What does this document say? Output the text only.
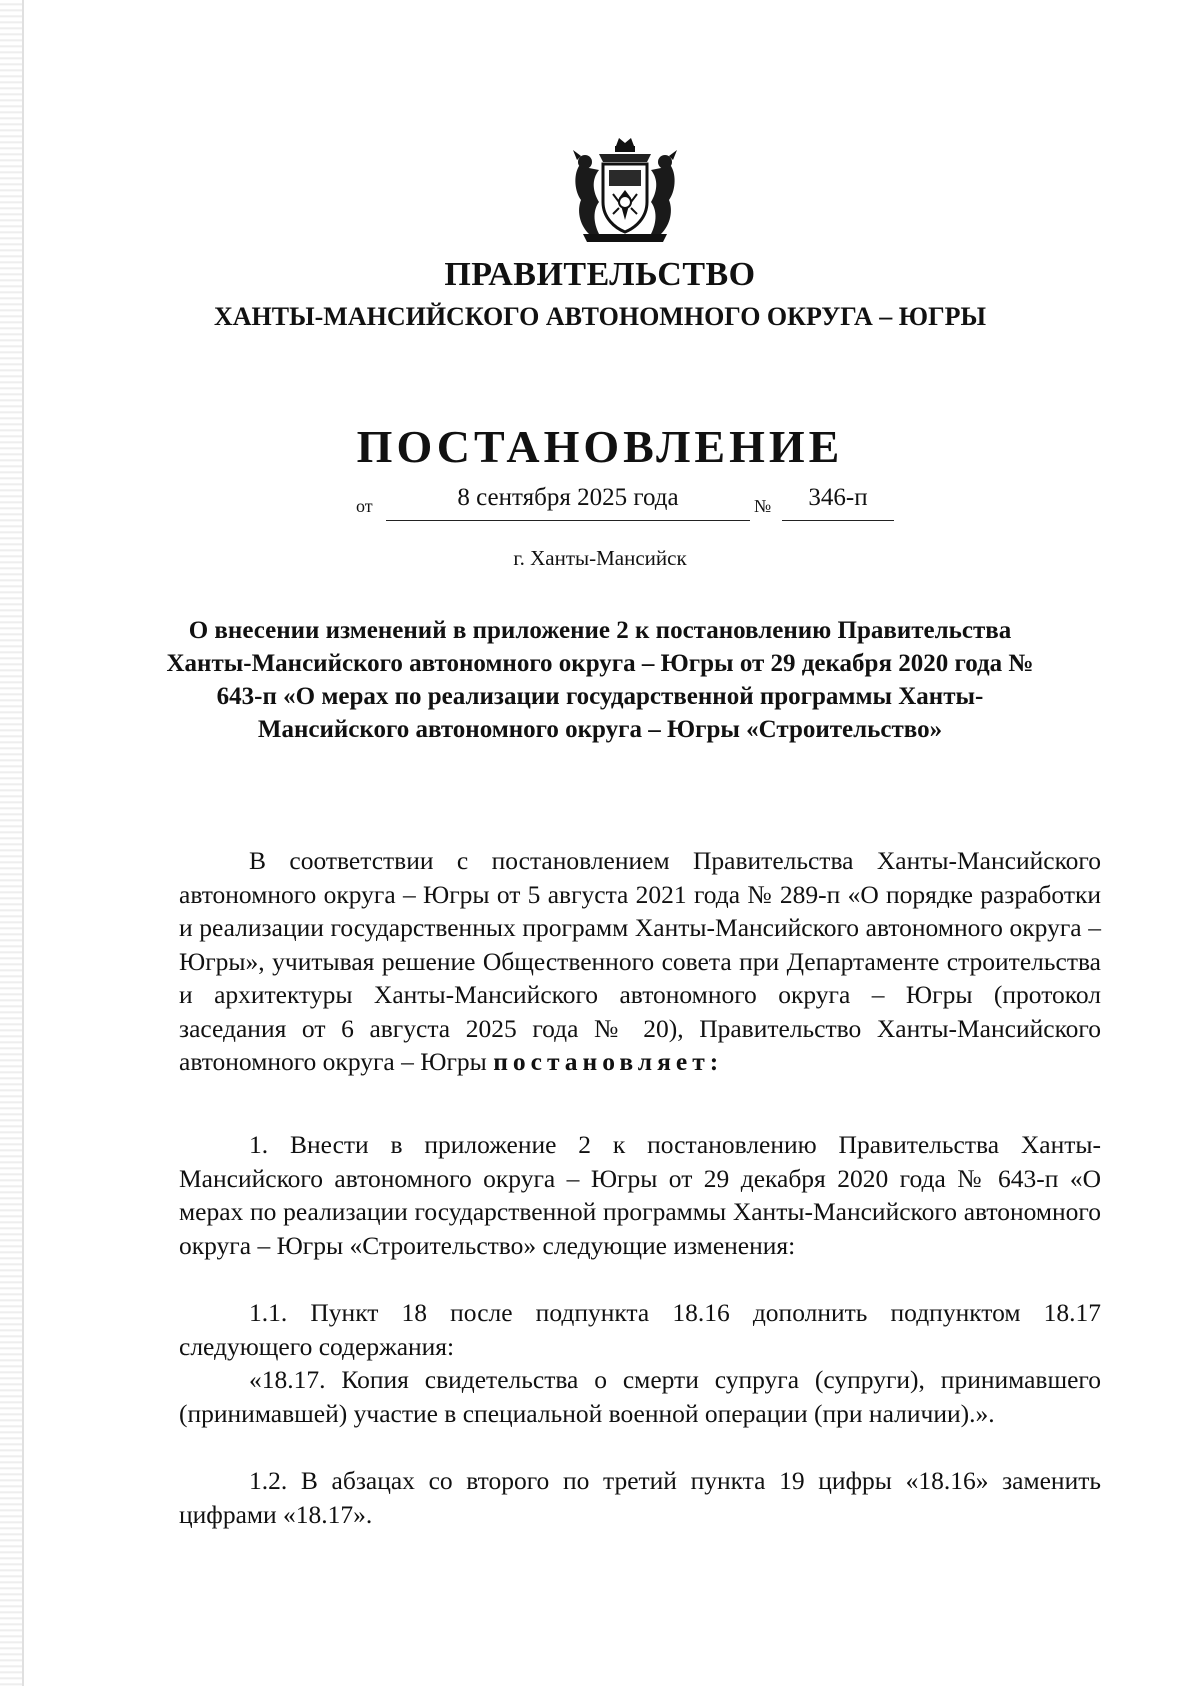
ПРАВИТЕЛЬСТВО
ХАНТЫ-МАНСИЙСКОГО АВТОНОМНОГО ОКРУГА – ЮГРЫ
ПОСТАНОВЛЕНИЕ
от	8 сентября 2025 года	№	346-п
г. Ханты-Мансийск
О внесении изменений в приложение 2 к постановлению Правительства Ханты-Мансийского автономного округа – Югры от 29 декабря 2020 года № 643-п «О мерах по реализации государственной программы Ханты-Мансийского автономного округа – Югры «Строительство»
В соответствии с постановлением Правительства Ханты-Мансийского автономного округа – Югры от 5 августа 2021 года № 289-п «О порядке разработки и реализации государственных программ Ханты-Мансийского автономного округа – Югры», учитывая решение Общественного совета при Департаменте строительства и архитектуры Ханты-Мансийского автономного округа – Югры (протокол заседания от 6 августа 2025 года № 20), Правительство Ханты-Мансийского автономного округа – Югры постановляет:
1. Внести в приложение 2 к постановлению Правительства Ханты-Мансийского автономного округа – Югры от 29 декабря 2020 года № 643-п «О мерах по реализации государственной программы Ханты-Мансийского автономного округа – Югры «Строительство» следующие изменения:
1.1. Пункт 18 после подпункта 18.16 дополнить подпунктом 18.17 следующего содержания:
«18.17. Копия свидетельства о смерти супруга (супруги), принимавшего (принимавшей) участие в специальной военной операции (при наличии).».
1.2. В абзацах со второго по третий пункта 19 цифры «18.16» заменить цифрами «18.17».
